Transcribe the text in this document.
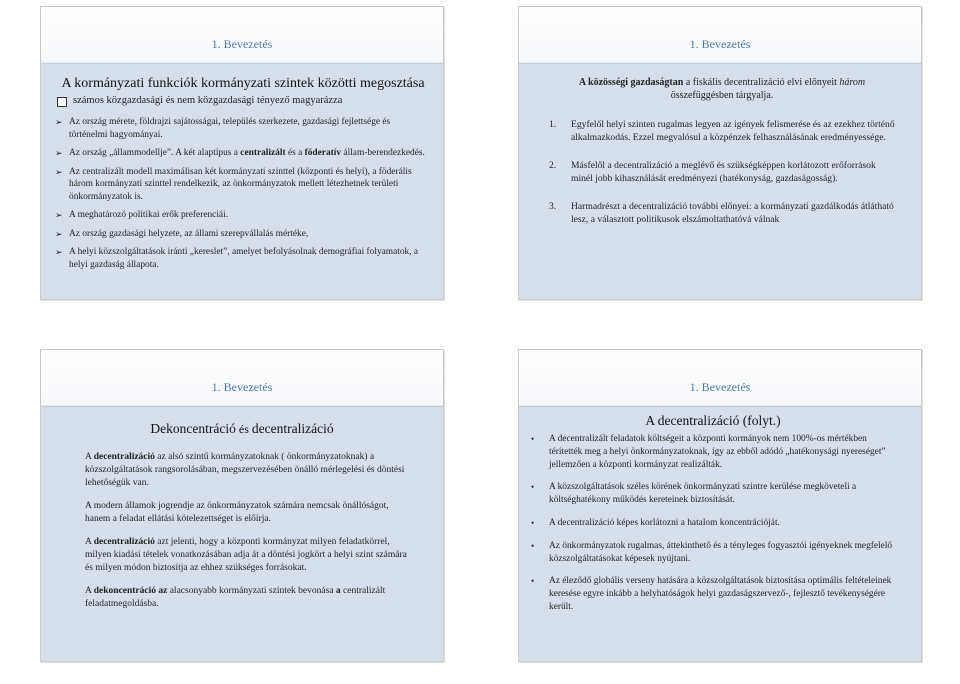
1. Bevezetés
A kormányzati funkciók kormányzati szintek közötti megosztása
számos közgazdasági és nem közgazdasági tényező magyarázza
➢ Az ország mérete, földrajzi sajátosságai, település szerkezete, gazdasági fejlettsége és történelmi hagyományai.
➢ Az ország „állammodellje”. A két alaptípus a centralizált és a föderatív állam-berendezkedés.
➢ Az centralizált modell maximálisan két kormányzati szinttel (központi és helyi), a föderális három kormányzati szinttel rendelkezik, az önkormányzatok mellett létezhetnek területi önkormányzatok is.
➢ A meghatározó politikai erők preferenciái.
➢ Az ország gazdasági helyzete, az állami szerepvállalás mértéke,
➢ A helyi közszolgáltatások iránti „kereslet”, amelyet befolyásolnak demográfiai folyamatok, a helyi gazdaság állapota.
1. Bevezetés
A közösségi gazdaságtan a fiskális decentralizáció elvi előnyeit három összefüggésben tárgyalja.
1. Egyfelől helyi szinten rugalmas legyen az igények felismerése és az ezekhez történő alkalmazkodás. Ezzel megvalósul a közpénzek felhasználásának eredményessége.
2. Másfelől a decentralizáció a meglévő és szükségképpen korlátozott erőforrások minél jobb kihasználását eredményezi (hatékonyság, gazdaságosság).
3. Harmadrészt a decentralizáció további előnyei: a kormányzati gazdálkodás átlátható lesz, a választott politikusok elszámoltathatóvá válnak
1. Bevezetés
Dekoncentráció és decentralizáció
A decentralizáció az alsó szintű kormányzatoknak ( önkormányzatoknak) a közszolgáltatások rangsorolásában, megszervezésében önálló mérlegelési és döntési lehetőségük van.
A modern államok jogrendje az önkormányzatok számára nemcsak önállóságot, hanem a feladat ellátási kötelezettséget is előírja.
A decentralizáció azt jelenti, hogy a központi kormányzat milyen feladatkörrel, milyen kiadási tételek vonatkozásában adja át a döntési jogkört a helyi szint számára és milyen módon biztosítja az ehhez szükséges forrásokat.
A dekoncentráció az alacsonyabb kormányzati szintek bevonása a centralizált feladatmegoldásba.
1. Bevezetés
A decentralizáció (folyt.)
• A decentralizált feladatok költségeit a központi kormányok nem 100%-os mértékben térítették meg a helyi önkormányzatoknak, így az ebből adódó „hatékonysági nyereséget” jellemzően a központi kormányzat realizálták.
• A közszolgáltatások széles körének önkormányzati szintre kerülése megköveteli a költséghatékony működés kereteinek biztosítását.
• A decentralizáció képes korlátozni a hatalom koncentrációját.
• Az önkormányzatok rugalmas, áttekinthető és a tényleges fogyasztói igényeknek megfelelő közszolgáltatásokat képesek nyújtani.
• Az éleződő globális verseny hatására a közszolgáltatások biztosítása optimális feltételeinek keresése egyre inkább a helyhatóságok helyi gazdaságszervező-, fejlesztő tevékenységére került.
